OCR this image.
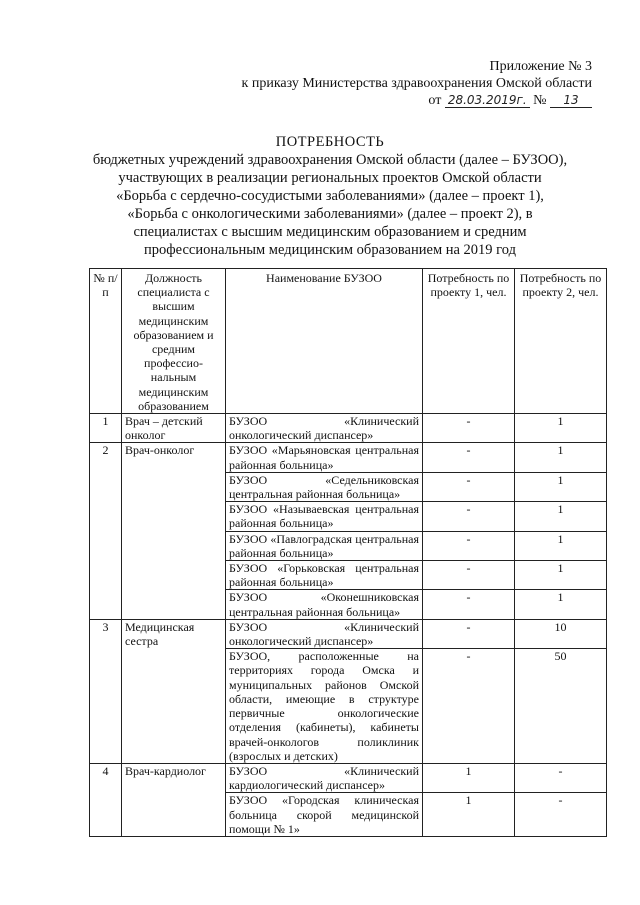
Приложение № 3
к приказу Министерства здравоохранения Омской области
от 28.03.2019г. № 13
ПОТРЕБНОСТЬ
бюджетных учреждений здравоохранения Омской области (далее – БУЗОО),
участвующих в реализации региональных проектов Омской области
«Борьба с сердечно-сосудистыми заболеваниями» (далее – проект 1),
«Борьба с онкологическими заболеваниями» (далее – проект 2), в
специалистах с высшим медицинским образованием и средним
профессиональным медицинским образованием на 2019 год
№ п/п	Должность специалиста с высшим медицинским образованием и средним профессио-нальным медицинским образованием	Наименование БУЗОО	Потребность по проекту 1, чел.	Потребность по проекту 2, чел.
1	Врач – детский онколог	БУЗОО «Клинический онкологический диспансер»	-	1
2	Врач-онколог	БУЗОО «Марьяновская центральная районная больница»	-	1
		БУЗОО «Седельниковская центральная районная больница»	-	1
		БУЗОО «Называевская центральная районная больница»	-	1
		БУЗОО «Павлоградская центральная районная больница»	-	1
		БУЗОО «Горьковская центральная районная больница»	-	1
		БУЗОО «Оконешниковская центральная районная больница»	-	1
3	Медицинская сестра	БУЗОО «Клинический онкологический диспансер»	-	10
		БУЗОО, расположенные на территориях города Омска и муниципальных районов Омской области, имеющие в структуре первичные онкологические отделения (кабинеты), кабинеты врачей-онкологов поликлиник (взрослых и детских)	-	50
4	Врач-кардиолог	БУЗОО «Клинический кардиологический диспансер»	1	-
		БУЗОО «Городская клиническая больница скорой медицинской помощи № 1»	1	-
